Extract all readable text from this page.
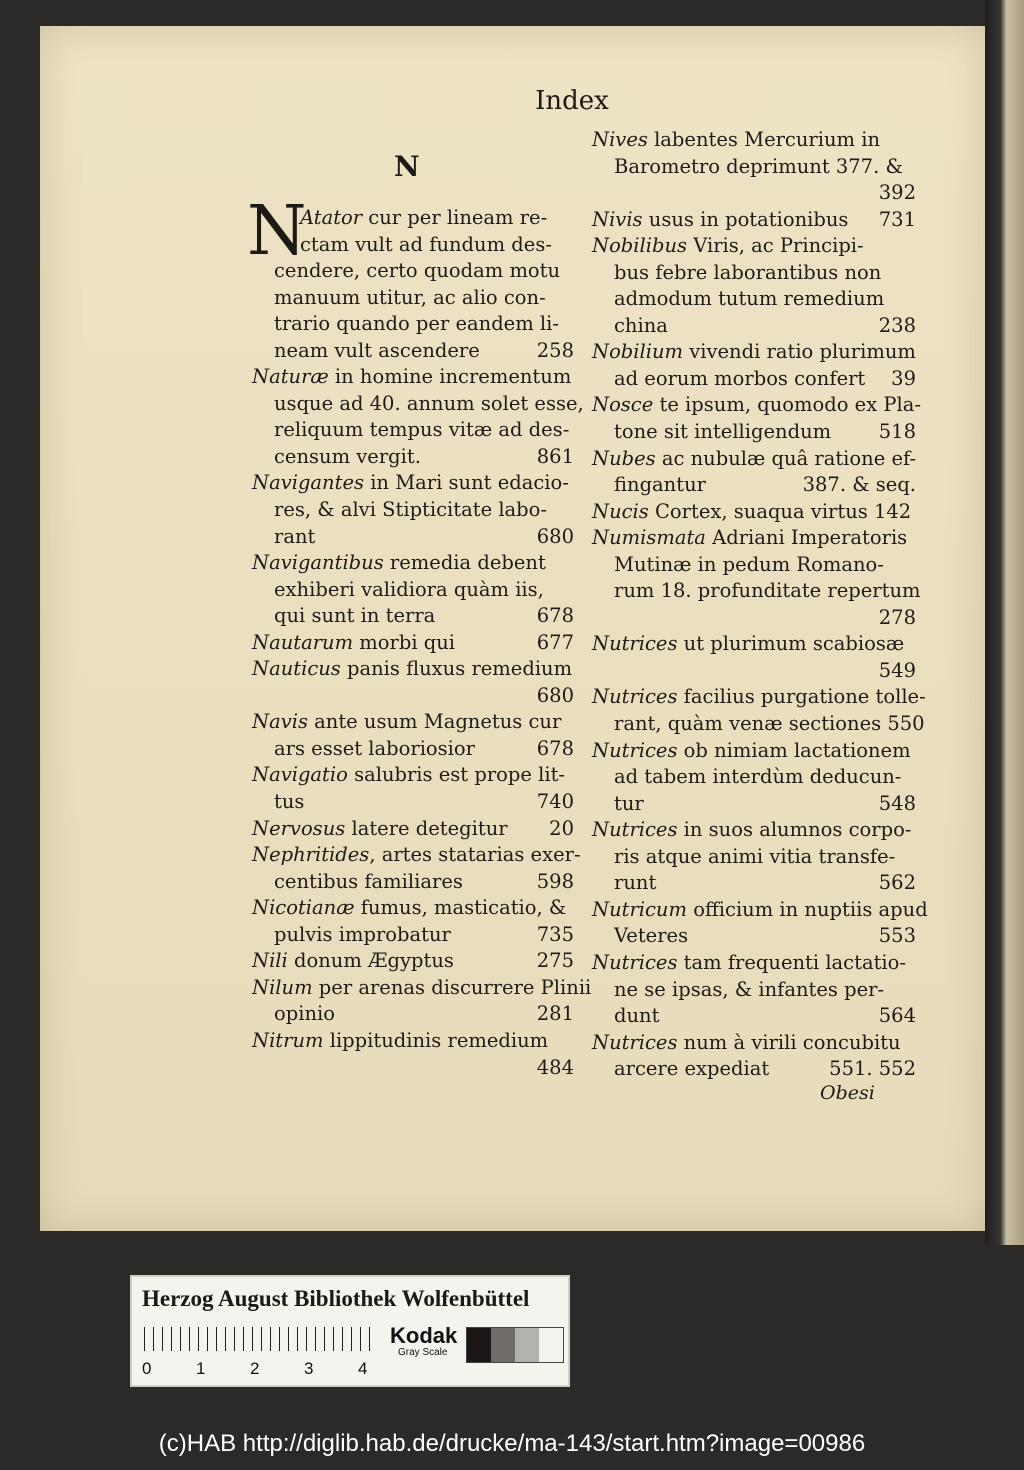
Index
N
N
Atator cur per lineam re-
ctam vult ad fundum des-
cendere, certo quodam motu
manuum utitur, ac alio con-
trario quando per eandem li-
neam vult ascendere	258
Naturæ in homine incrementum
usque ad 40. annum solet esse,
reliquum tempus vitæ ad des-
censum vergit.	861
Navigantes in Mari sunt edacio-
res, & alvi Stipticitate labo-
rant	680
Navigantibus remedia debent
exhiberi validiora quàm iis,
qui sunt in terra	678
Nautarum morbi qui	677
Nauticus panis fluxus remedium
680
Navis ante usum Magnetus cur
ars esset laboriosior	678
Navigatio salubris est prope lit-
tus	740
Nervosus latere detegitur 20
Nephritides, artes statarias exer-
centibus familiares	598
Nicotianæ fumus, masticatio, &
pulvis improbatur	735
Nili donum Ægyptus	275
Nilum per arenas discurrere Plinii
opinio	281
Nitrum lippitudinis remedium
484
Nives labentes Mercurium in
Barometro deprimunt 377. &
392
Nivis usus in potationibus 731
Nobilibus Viris, ac Principi-
bus febre laborantibus non
admodum tutum remedium
china	238
Nobilium vivendi ratio plurimum
ad eorum morbos confert 39
Nosce te ipsum, quomodo ex Pla-
tone sit intelligendum 518
Nubes ac nubulæ quâ ratione ef-
fingantur	387. & seq.
Nucis Cortex, suaqua virtus 142
Numismata Adriani Imperatoris
Mutinæ in pedum Romano-
rum 18. profunditate repertum
278
Nutrices ut plurimum scabiosæ
549
Nutrices facilius purgatione tolle-
rant, quàm venæ sectiones 550
Nutrices ob nimiam lactationem
ad tabem interdùm deducun-
tur	548
Nutrices in suos alumnos corpo-
ris atque animi vitia transfe-
runt	562
Nutricum officium in nuptiis apud
Veteres	553
Nutrices tam frequenti lactatio-
ne se ipsas, & infantes per-
dunt	564
Nutrices num à virili concubitu
arcere expediat	551. 552
Obesi
Herzog August Bibliothek Wolfenbüttel
0	1	2	3	4
Kodak
Gray Scale
(c)HAB http://diglib.hab.de/drucke/ma-143/start.htm?image=00986
